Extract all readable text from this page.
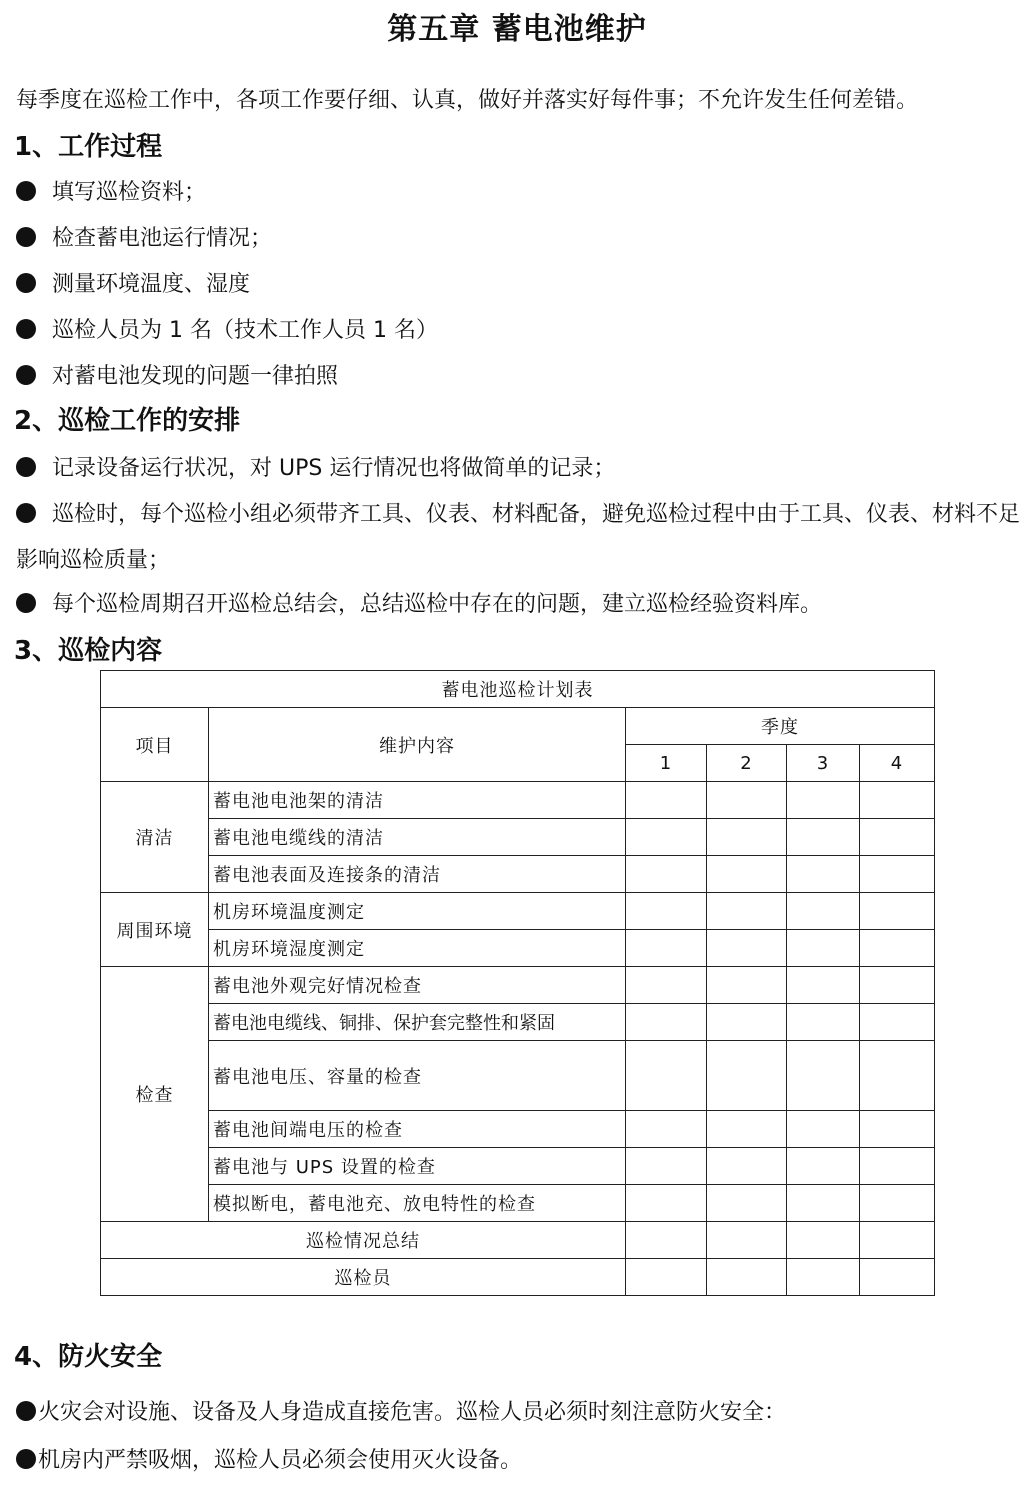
第五章 蓄电池维护
每季度在巡检工作中，各项工作要仔细、认真，做好并落实好每件事；不允许发生任何差错。
1、工作过程
填写巡检资料；
检查蓄电池运行情况；
测量环境温度、湿度
巡检人员为 1 名（技术工作人员 1 名）
对蓄电池发现的问题一律拍照
2、巡检工作的安排
记录设备运行状况，对 UPS 运行情况也将做简单的记录；
巡检时，每个巡检小组必须带齐工具、仪表、材料配备，避免巡检过程中由于工具、仪表、材料不足影响巡检质量；
每个巡检周期召开巡检总结会，总结巡检中存在的问题，建立巡检经验资料库。
3、巡检内容
蓄电池巡检计划表					
项目	维护内容	季度			
		1	2	3	4
清洁	蓄电池电池架的清洁				
	蓄电池电缆线的清洁				
	蓄电池表面及连接条的清洁				
周围环境	机房环境温度测定				
	机房环境湿度测定				
检查	蓄电池外观完好情况检查				
	蓄电池电缆线、铜排、保护套完整性和紧固				
	蓄电池电压、容量的检查				
	蓄电池间端电压的检查				
	蓄电池与 UPS 设置的检查				
	模拟断电，蓄电池充、放电特性的检查				
巡检情况总结					
巡检员					
4、防火安全
火灾会对设施、设备及人身造成直接危害。巡检人员必须时刻注意防火安全：
机房内严禁吸烟，巡检人员必须会使用灭火设备。
